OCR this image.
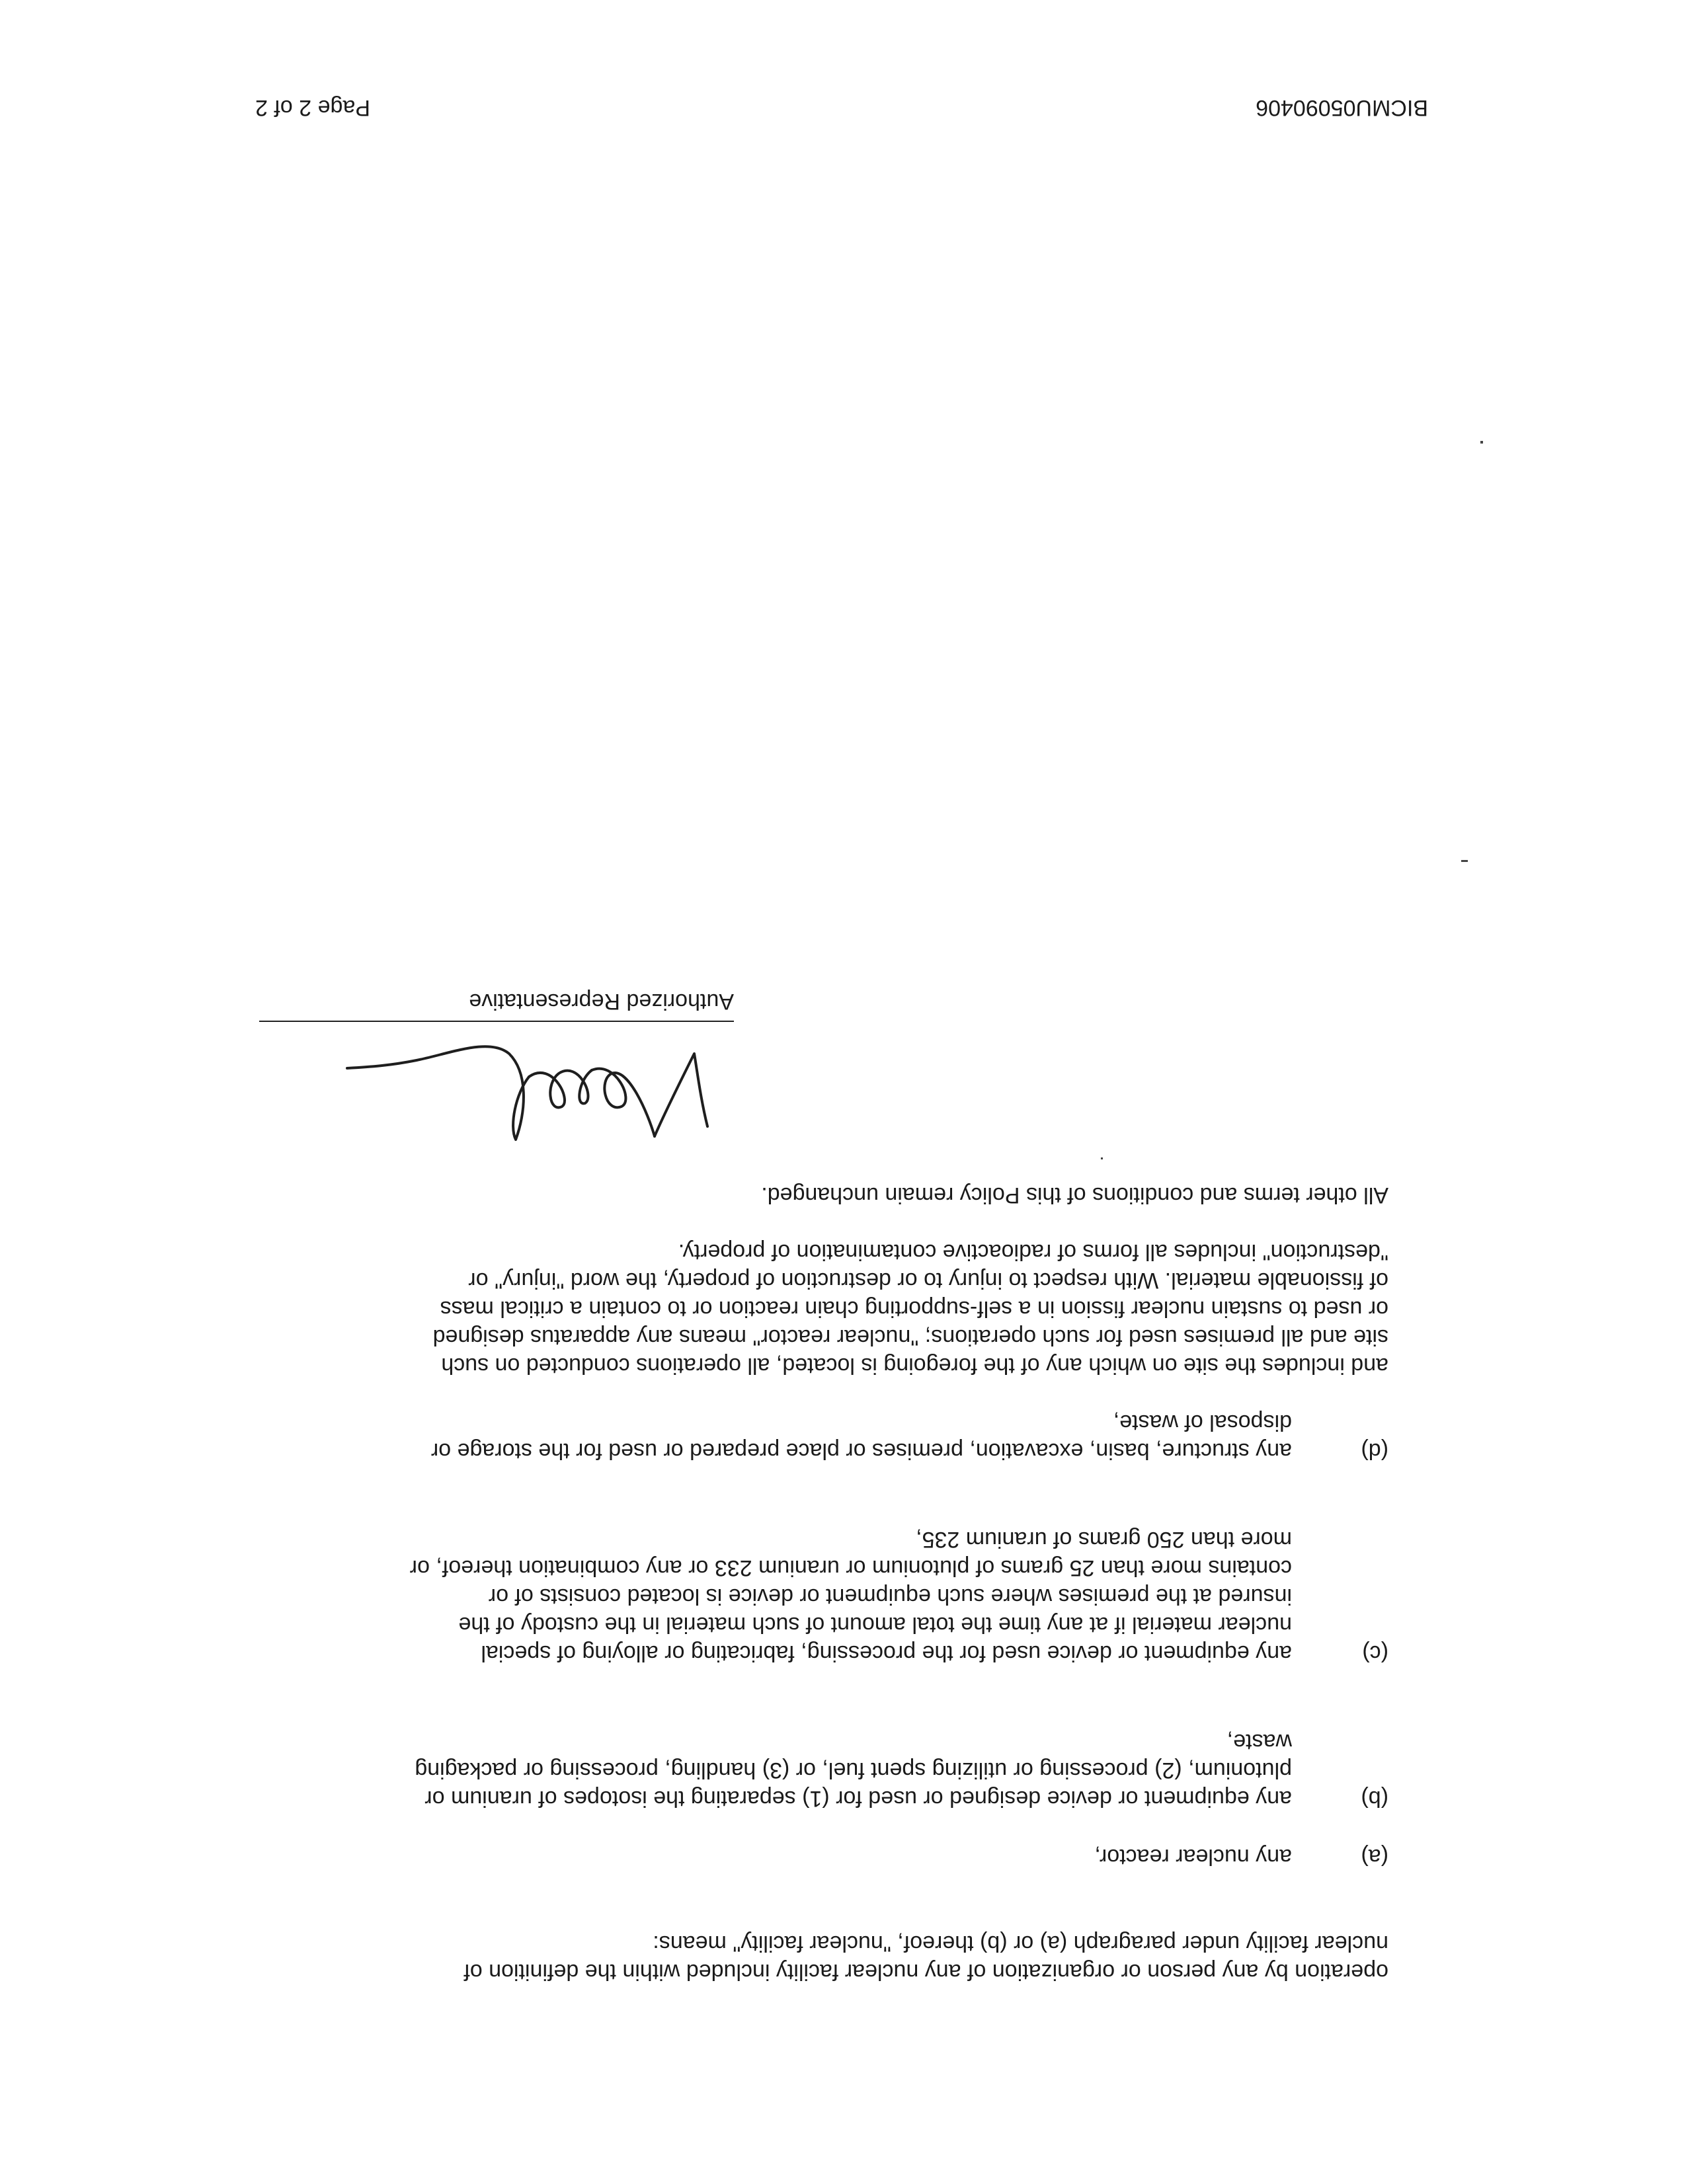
operation by any person or organization of any nuclear facility included within the definition of
nuclear facility under paragraph (a) or (b) thereof, "nuclear facility" means:
(a)
any nuclear reactor,
(b)
any equipment or device designed or used for (1) separating the isotopes of uranium or
plutonium, (2) processing or utilizing spent fuel, or (3) handling, processing or packaging
waste,
(c)
any equipment or device used for the processing, fabricating or alloying of special
nuclear material if at any time the total amount of such material in the custody of the
insured at the premises where such equipment or device is located consists of or
contains more than 25 grams of plutonium or uranium 233 or any combination thereof, or
more than 250 grams of uranium 235,
(d)
any structure, basin, excavation, premises or place prepared or used for the storage or
disposal of waste,
and includes the site on which any of the foregoing is located, all operations conducted on such
site and all premises used for such operations; "nuclear reactor" means any apparatus designed
or used to sustain nuclear fission in a self-supporting chain reaction or to contain a critical mass
of fissionable material. With respect to injury to or destruction of property, the word "injury" or
"destruction" includes all forms of radioactive contamination of property.
All other terms and conditions of this Policy remain unchanged.
Authorized Representative
BICMU05090406
Page 2 of 2
